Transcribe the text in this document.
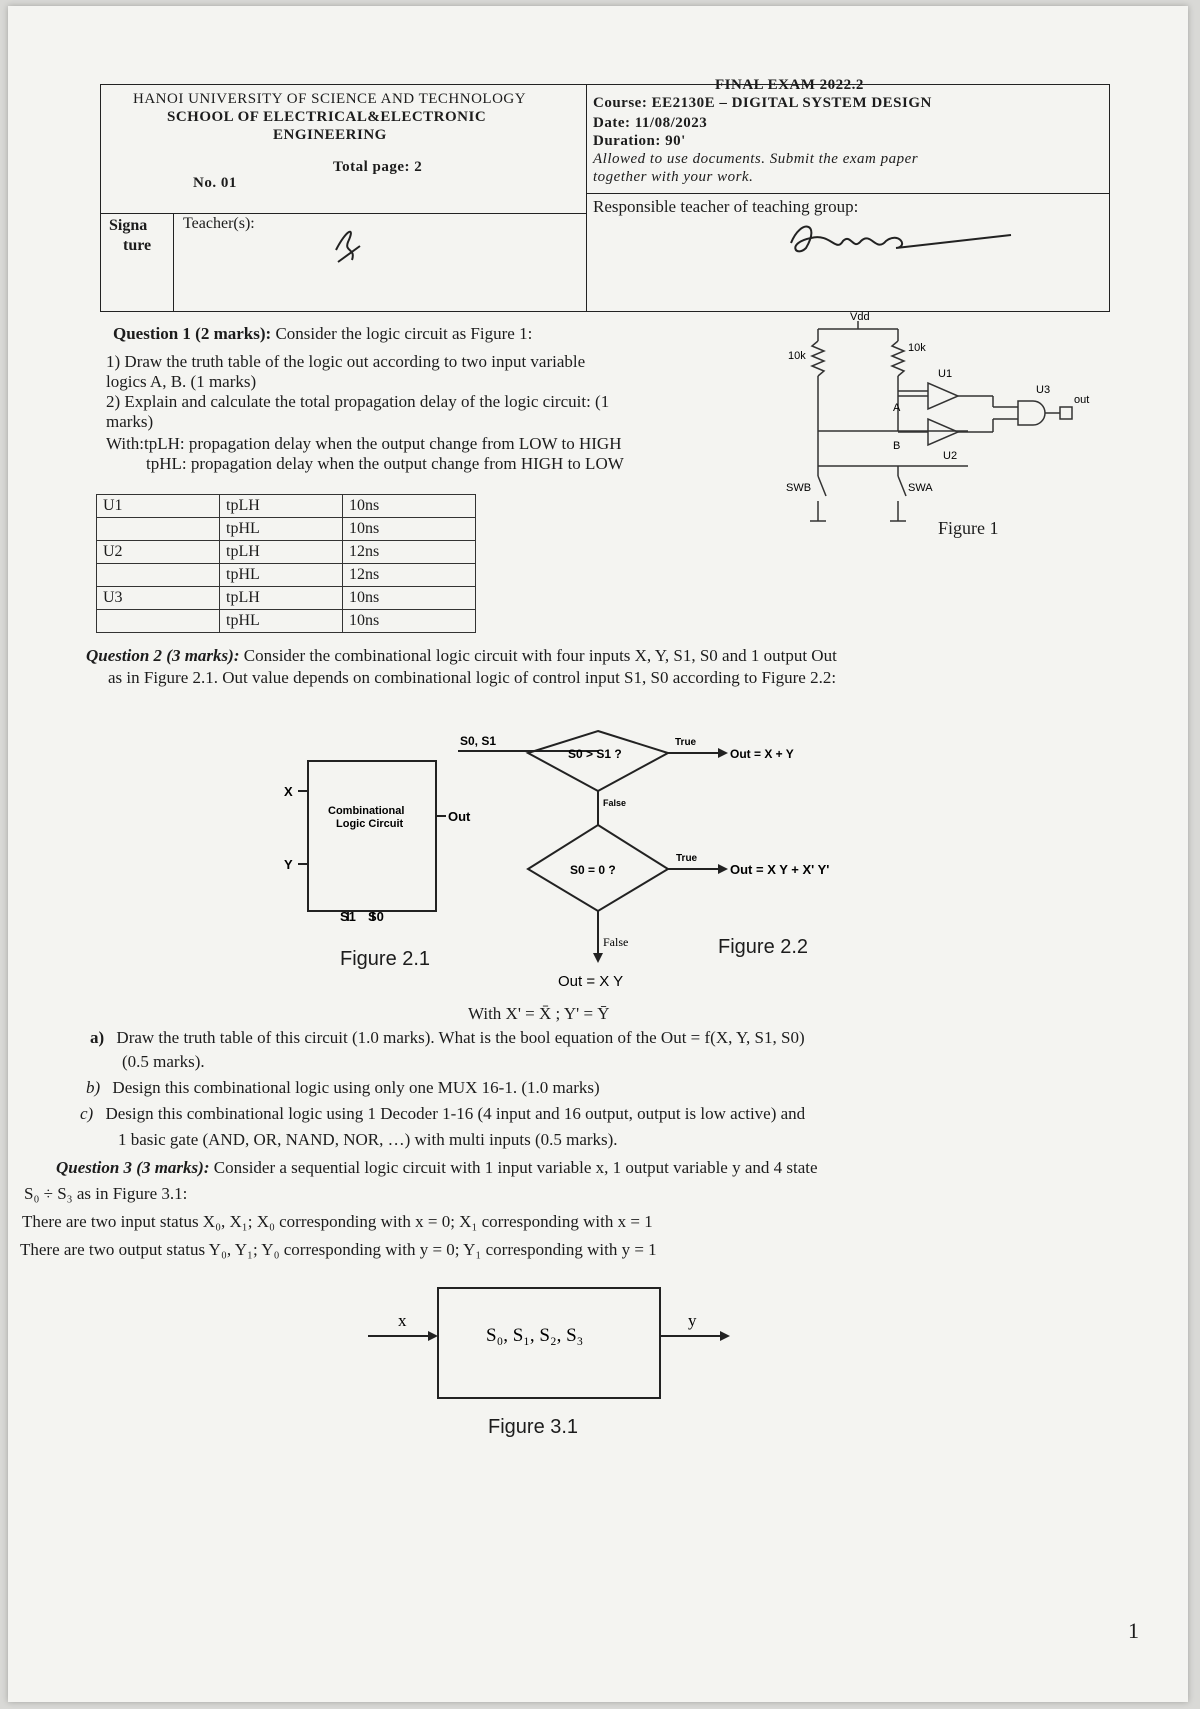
HANOI UNIVERSITY OF SCIENCE AND TECHNOLOGY
SCHOOL OF ELECTRICAL&ELECTRONIC
ENGINEERING
No. 01
Total page: 2
Signa
ture
Teacher(s):
FINAL EXAM 2022.2
Course: EE2130E – DIGITAL SYSTEM DESIGN
Date: 11/08/2023
Duration: 90'
Allowed to use documents. Submit the exam paper
together with your work.
Responsible teacher of teaching group:
Question 1 (2 marks): Consider the logic circuit as Figure 1:
1) Draw the truth table of the logic out according to two input variable
logics A, B. (1 marks)
2) Explain and calculate the total propagation delay of the logic circuit: (1
marks)
With:tpLH: propagation delay when the output change from LOW to HIGH
tpHL: propagation delay when the output change from HIGH to LOW
U1	tpLH	10ns
	tpHL	10ns
U2	tpLH	12ns
	tpHL	12ns
U3	tpLH	10ns
	tpHL	10ns
Vdd
10k
10k
A
B
U1
U2
U3
out
SWB	SWA
Figure 1
Question 2 (3 marks): Consider the combinational logic circuit with four inputs X, Y, S1, S0 and 1 output Out
as in Figure 2.1. Out value depends on combinational logic of control input S1, S0 according to Figure 2.2:
X
Y
Combinational
Logic Circuit	Out
S1 S0
Figure 2.1
S0, S1
S0 > S1 ?
True
Out = X + Y
False
S0 = 0 ?
True
Out = X Y + X' Y'
False
Out = X Y
Figure 2.2
With X' = X̄ ; Y' = Ȳ
a) Draw the truth table of this circuit (1.0 marks). What is the bool equation of the Out = f(X, Y, S1, S0)
(0.5 marks).
b) Design this combinational logic using only one MUX 16-1. (1.0 marks)
c) Design this combinational logic using 1 Decoder 1-16 (4 input and 16 output, output is low active) and
1 basic gate (AND, OR, NAND, NOR, …) with multi inputs (0.5 marks).
Question 3 (3 marks): Consider a sequential logic circuit with 1 input variable x, 1 output variable y and 4 state
S₀ ÷ S₃ as in Figure 3.1:
There are two input status X₀, X₁; X₀ corresponding with x = 0; X₁ corresponding with x = 1
There are two output status Y₀, Y₁; Y₀ corresponding with y = 0; Y₁ corresponding with y = 1
x
S₀, S₁, S₂, S₃
y
Figure 3.1
1
